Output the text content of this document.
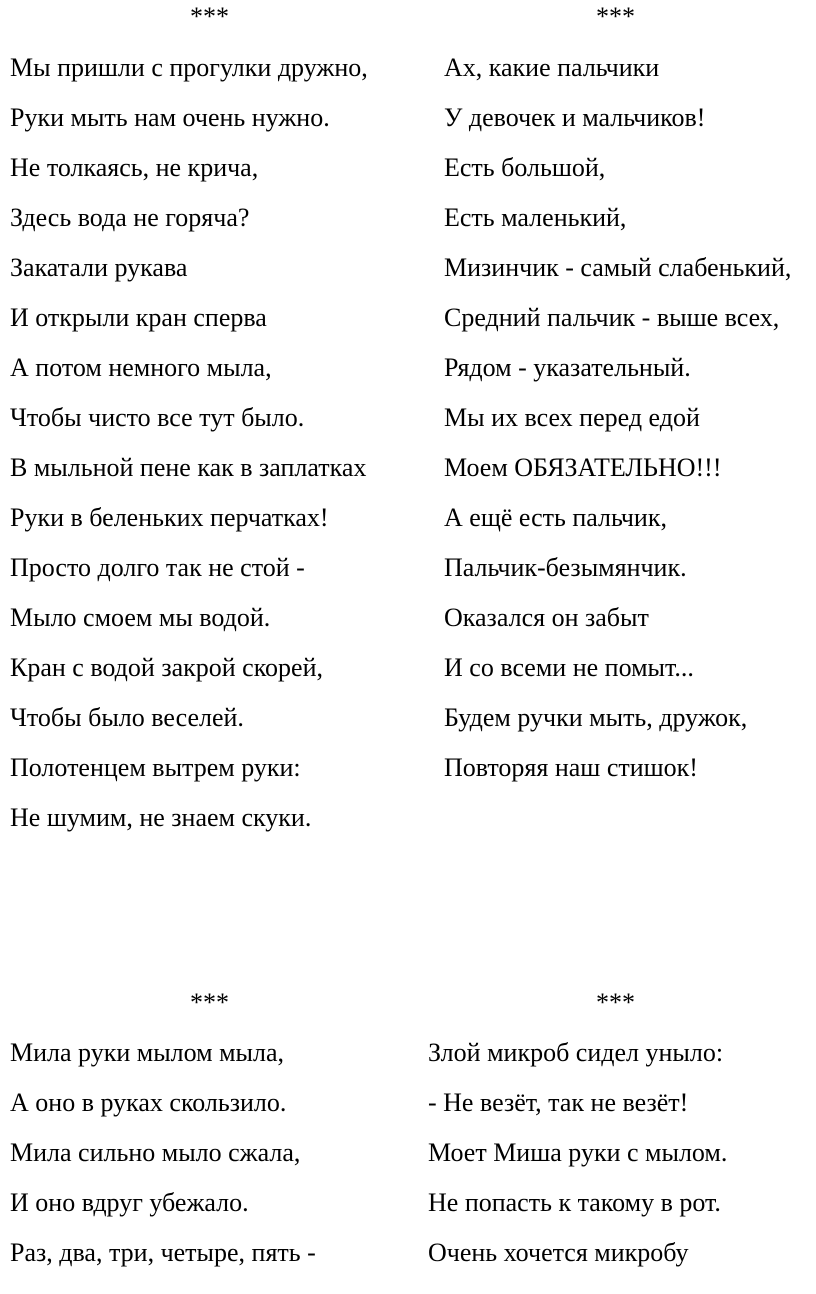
***
Мы пришли с прогулки дружно,
Руки мыть нам очень нужно.
Не толкаясь, не крича,
Здесь вода не горяча?
Закатали рукава
И открыли кран сперва
А потом немного мыла,
Чтобы чисто все тут было.
В мыльной пене как в заплатках
Руки в беленьких перчатках!
Просто долго так не стой -
Мыло смоем мы водой.
Кран с водой закрой скорей,
Чтобы было веселей.
Полотенцем вытрем руки:
Не шумим, не знаем скуки.
***
Ах, какие пальчики
У девочек и мальчиков!
Есть большой,
Есть маленький,
Мизинчик - самый слабенький,
Средний пальчик - выше всех,
Рядом - указательный.
Мы их всех перед едой
Моем ОБЯЗАТЕЛЬНО!!!
А ещё есть пальчик,
Пальчик-безымянчик.
Оказался он забыт
И со всеми не помыт...
Будем ручки мыть, дружок,
Повторяя наш стишок!
***
Мила руки мылом мыла,
А оно в руках скользило.
Мила сильно мыло сжала,
И оно вдруг убежало.
Раз, два, три, четыре, пять -
***
Злой микроб сидел уныло:
- Не везёт, так не везёт!
Моет Миша руки с мылом.
Не попасть к такому в рот.
Очень хочется микробу
